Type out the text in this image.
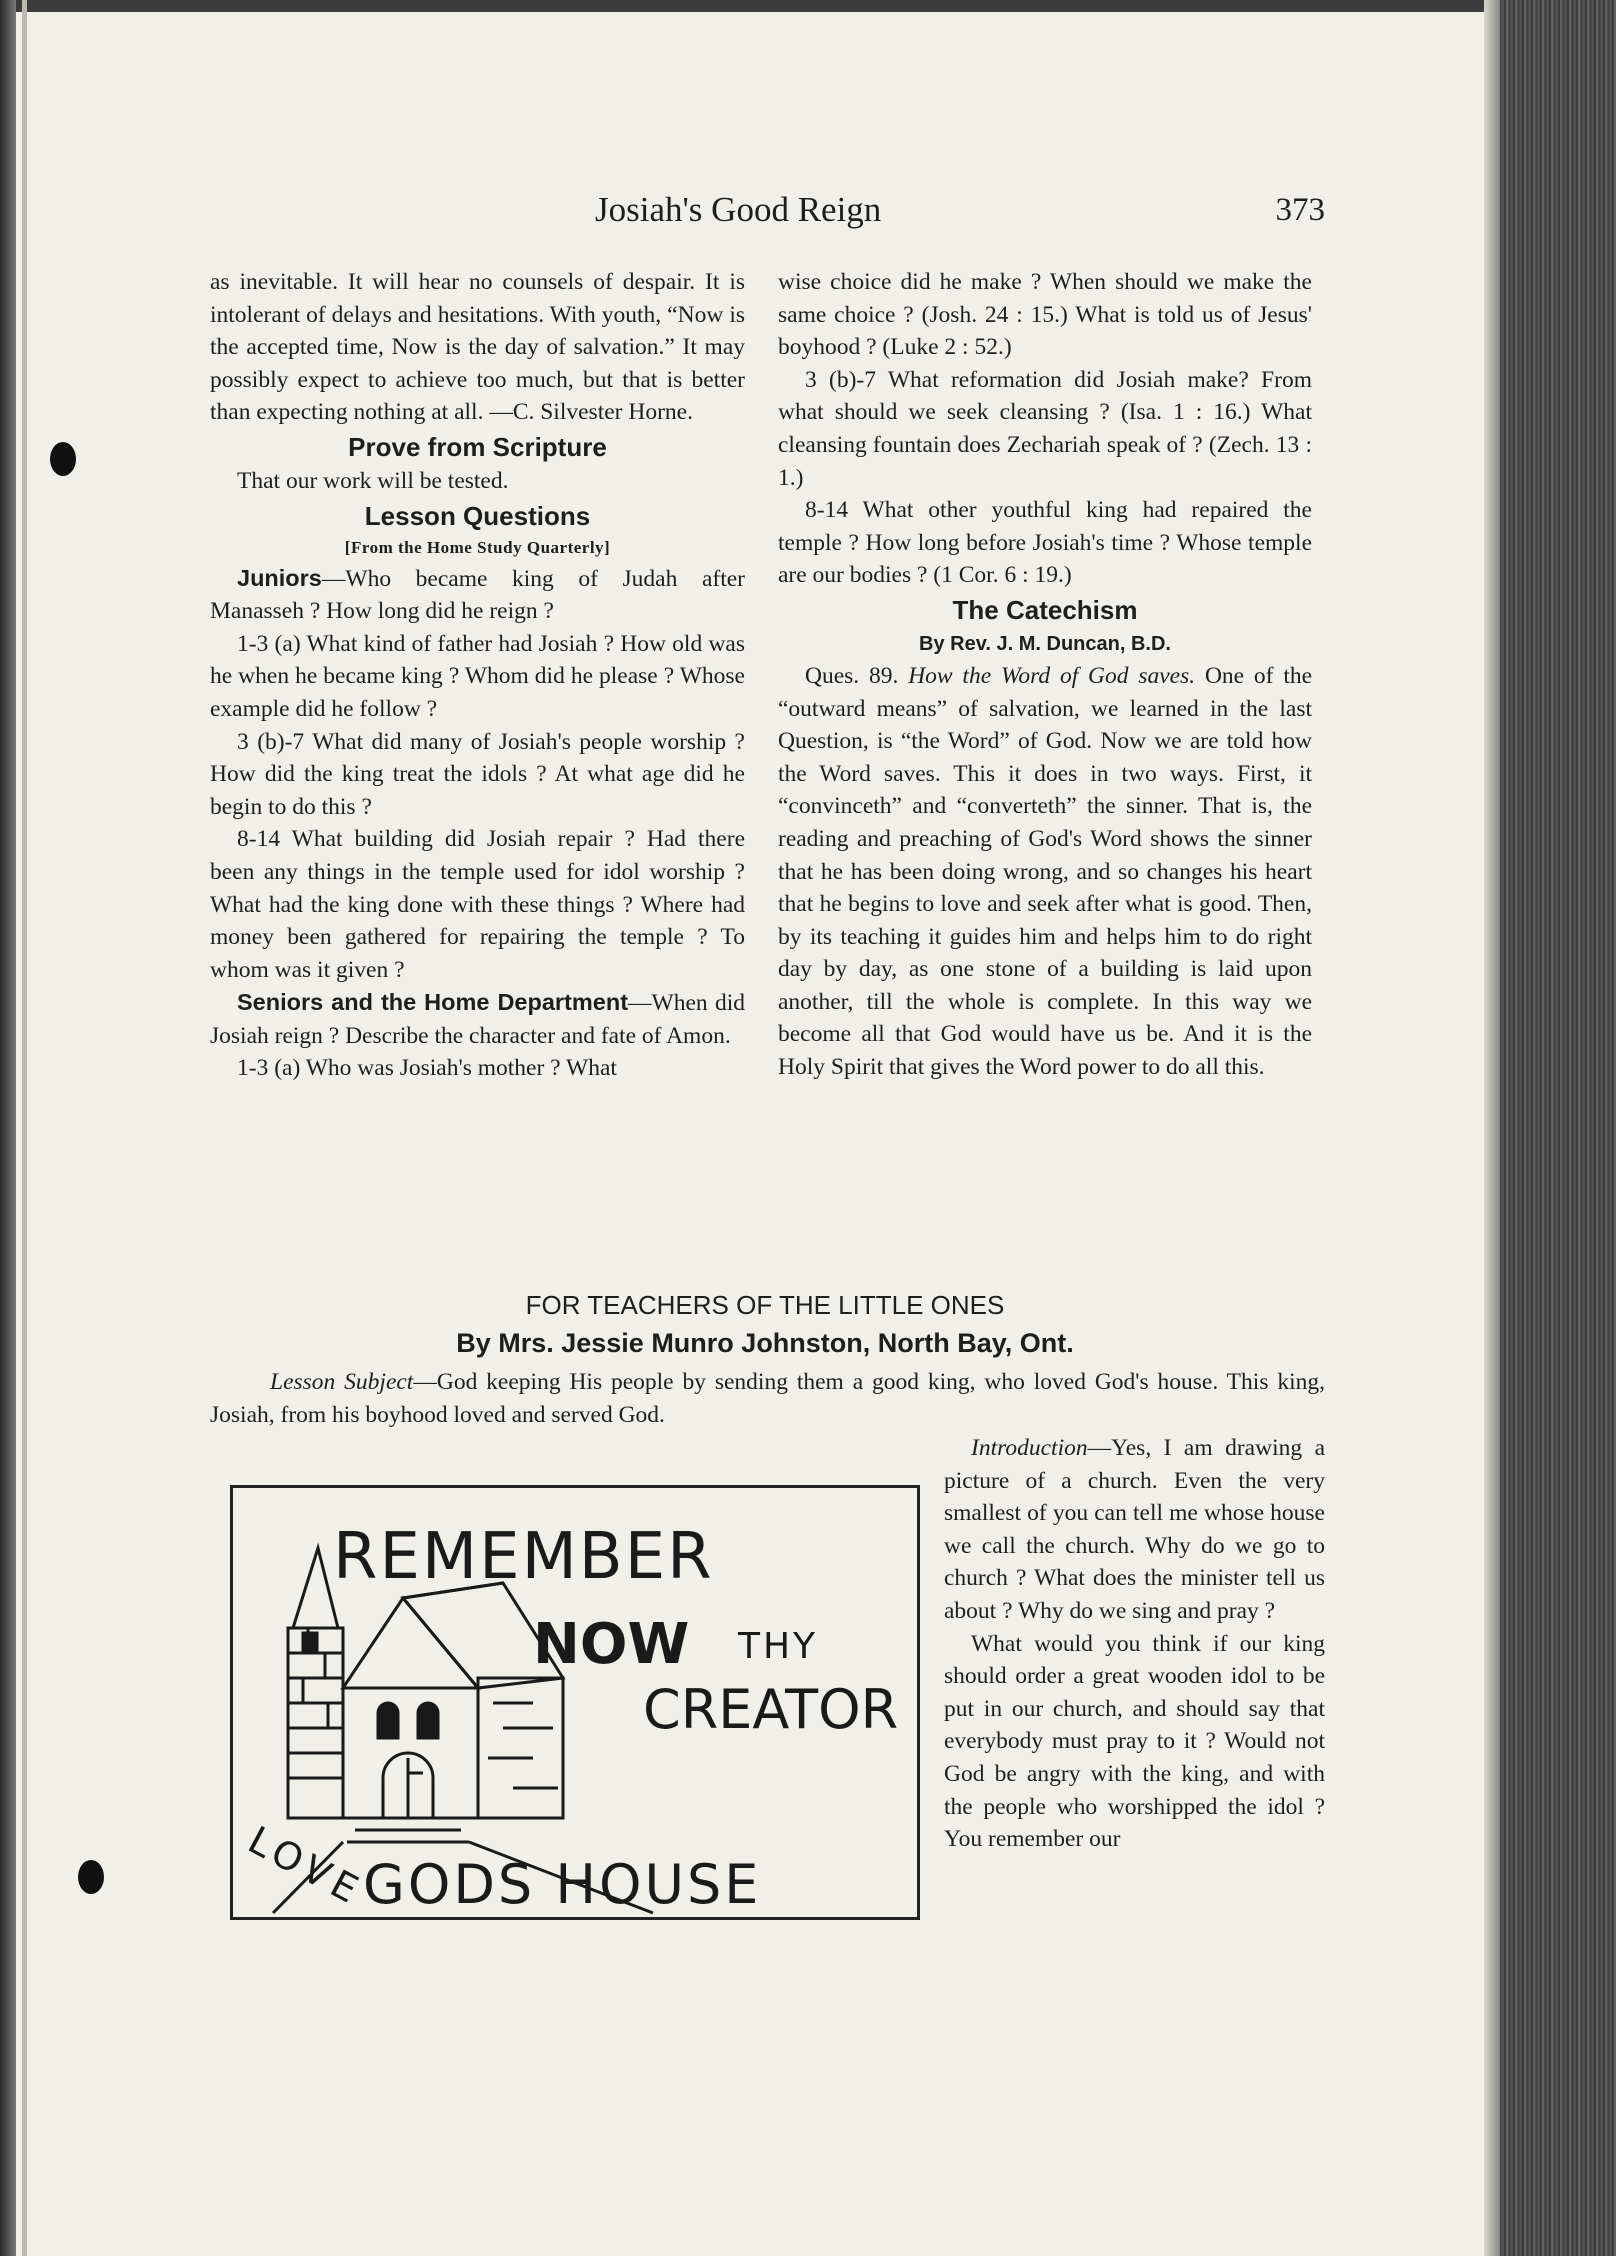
Josiah's Good Reign	373

as inevitable. It will hear no counsels of despair. It is intolerant of delays and hesitations. With youth, “Now is the accepted time, Now is the day of salvation.” It may possibly expect to achieve too much, but that is better than expecting nothing at all. —C. Silvester Horne.

Prove from Scripture

That our work will be tested.

Lesson Questions

[From the Home Study Quarterly]

Juniors—Who became king of Judah after Manasseh ? How long did he reign ?

1-3 (a) What kind of father had Josiah ? How old was he when he became king ? Whom did he please ? Whose example did he follow ?

3 (b)-7 What did many of Josiah's people worship ? How did the king treat the idols ? At what age did he begin to do this ?

8-14 What building did Josiah repair ? Had there been any things in the temple used for idol worship ? What had the king done with these things ? Where had money been gathered for repairing the temple ? To whom was it given ?

Seniors and the Home Department—When did Josiah reign ? Describe the character and fate of Amon.

1-3 (a) Who was Josiah's mother ? What

wise choice did he make ? When should we make the same choice ? (Josh. 24 : 15.) What is told us of Jesus' boyhood ? (Luke 2 : 52.)

3 (b)-7 What reformation did Josiah make? From what should we seek cleansing ? (Isa. 1 : 16.) What cleansing fountain does Zechariah speak of ? (Zech. 13 : 1.)

8-14 What other youthful king had repaired the temple ? How long before Josiah's time ? Whose temple are our bodies ? (1 Cor. 6 : 19.)

The Catechism

By Rev. J. M. Duncan, B.D.

Ques. 89. How the Word of God saves. One of the “outward means” of salvation, we learned in the last Question, is “the Word” of God. Now we are told how the Word saves. This it does in two ways. First, it “convinceth” and “converteth” the sinner. That is, the reading and preaching of God's Word shows the sinner that he has been doing wrong, and so changes his heart that he begins to love and seek after what is good. Then, by its teaching it guides him and helps him to do right day by day, as one stone of a building is laid upon another, till the whole is complete. In this way we become all that God would have us be. And it is the Holy Spirit that gives the Word power to do all this.

FOR TEACHERS OF THE LITTLE ONES
By Mrs. Jessie Munro Johnston, North Bay, Ont.
Lesson Subject—God keeping His people by sending them a good king, who loved God's house. This king, Josiah, from his boyhood loved and served God.

Introduction—Yes, I am drawing a picture of a church. Even the very smallest of you can tell me whose house we call the church. Why do we go to church ? What does the minister tell us about ? Why do we sing and pray ?

What would you think if our king should order a great wooden idol to be put in our church, and should say that everybody must pray to it ? Would not God be angry with the king, and with the people who worshipped the idol ? You remember our

REMEMBER
NOW THY
CREATOR
LOVE
GODS HOUSE
